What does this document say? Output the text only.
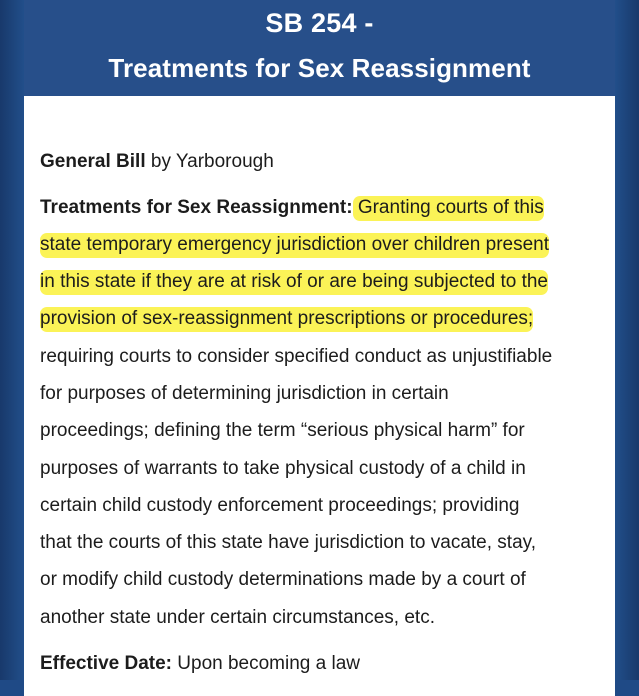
SB 254 -
Treatments for Sex Reassignment
General Bill by Yarborough
Treatments for Sex Reassignment: Granting courts of this
state temporary emergency jurisdiction over children present
in this state if they are at risk of or are being subjected to the
provision of sex-reassignment prescriptions or procedures;
requiring courts to consider specified conduct as unjustifiable
for purposes of determining jurisdiction in certain
proceedings; defining the term “serious physical harm” for
purposes of warrants to take physical custody of a child in
certain child custody enforcement proceedings; providing
that the courts of this state have jurisdiction to vacate, stay,
or modify child custody determinations made by a court of
another state under certain circumstances, etc.
Effective Date: Upon becoming a law
